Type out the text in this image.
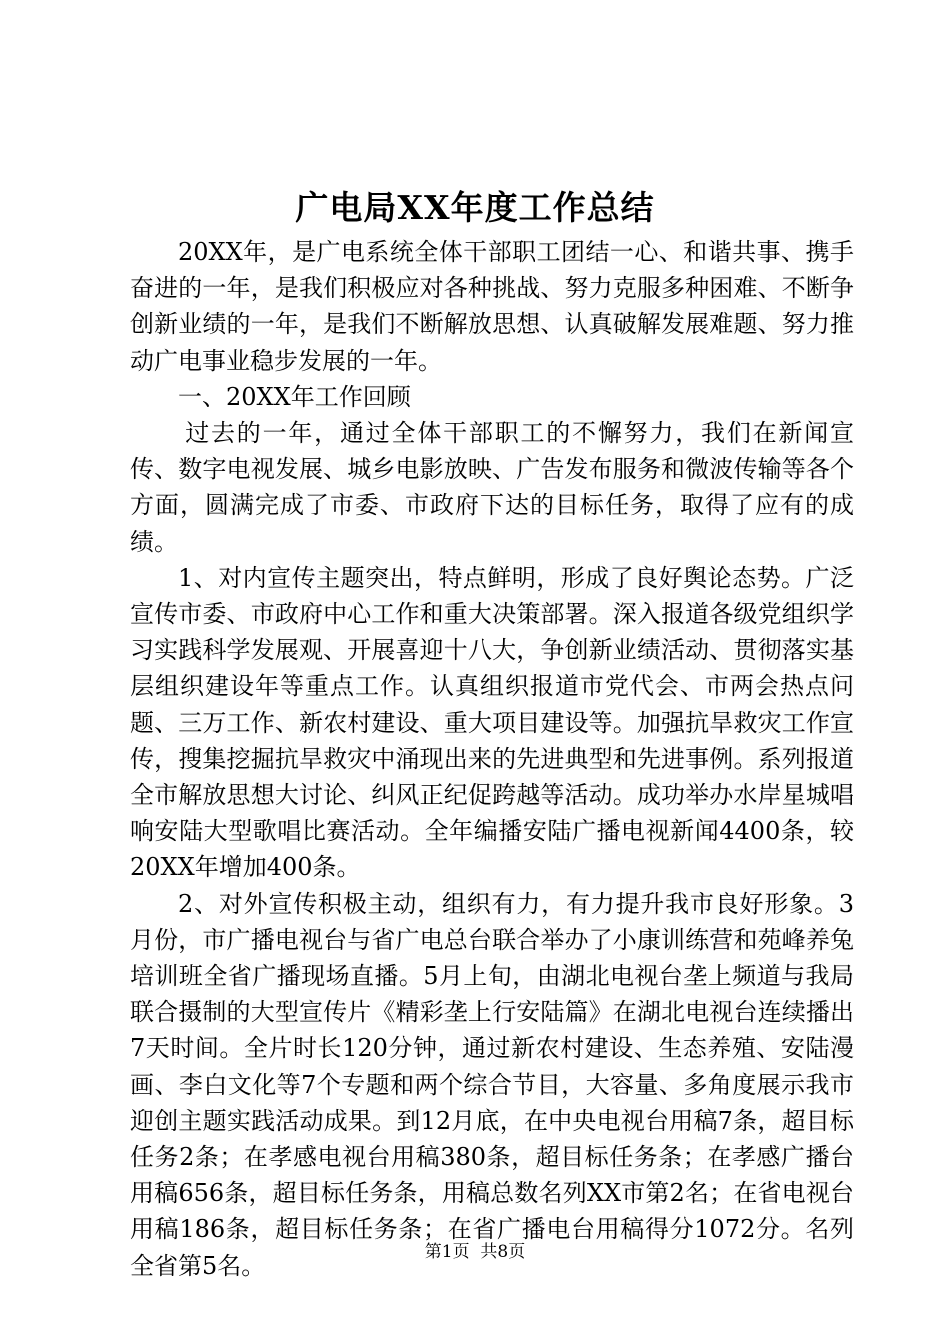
广电局XX年度工作总结

20XX年，是广电系统全体干部职工团结一心、和谐共事、携手奋进的一年，是我们积极应对各种挑战、努力克服多种困难、不断争创新业绩的一年，是我们不断解放思想、认真破解发展难题、努力推动广电事业稳步发展的一年。

一、20XX年工作回顾

过去的一年，通过全体干部职工的不懈努力，我们在新闻宣传、数字电视发展、城乡电影放映、广告发布服务和微波传输等各个方面，圆满完成了市委、市政府下达的目标任务，取得了应有的成绩。

1、对内宣传主题突出，特点鲜明，形成了良好舆论态势。广泛宣传市委、市政府中心工作和重大决策部署。深入报道各级党组织学习实践科学发展观、开展喜迎十八大，争创新业绩活动、贯彻落实基层组织建设年等重点工作。认真组织报道市党代会、市两会热点问题、三万工作、新农村建设、重大项目建设等。加强抗旱救灾工作宣传，搜集挖掘抗旱救灾中涌现出来的先进典型和先进事例。系列报道全市解放思想大讨论、纠风正纪促跨越等活动。成功举办水岸星城唱响安陆大型歌唱比赛活动。全年编播安陆广播电视新闻4400条，较20XX年增加400条。

2、对外宣传积极主动，组织有力，有力提升我市良好形象。3月份，市广播电视台与省广电总台联合举办了小康训练营和苑峰养兔培训班全省广播现场直播。5月上旬，由湖北电视台垄上频道与我局联合摄制的大型宣传片《精彩垄上行安陆篇》在湖北电视台连续播出7天时间。全片时长120分钟，通过新农村建设、生态养殖、安陆漫画、李白文化等7个专题和两个综合节目，大容量、多角度展示我市迎创主题实践活动成果。到12月底，在中央电视台用稿7条，超目标任务2条；在孝感电视台用稿380条，超目标任务条；在孝感广播台用稿656条，超目标任务条，用稿总数名列XX市第2名；在省电视台用稿186条，超目标任务条；在省广播电台用稿得分1072分。名列全省第5名。	第1页  共8页
